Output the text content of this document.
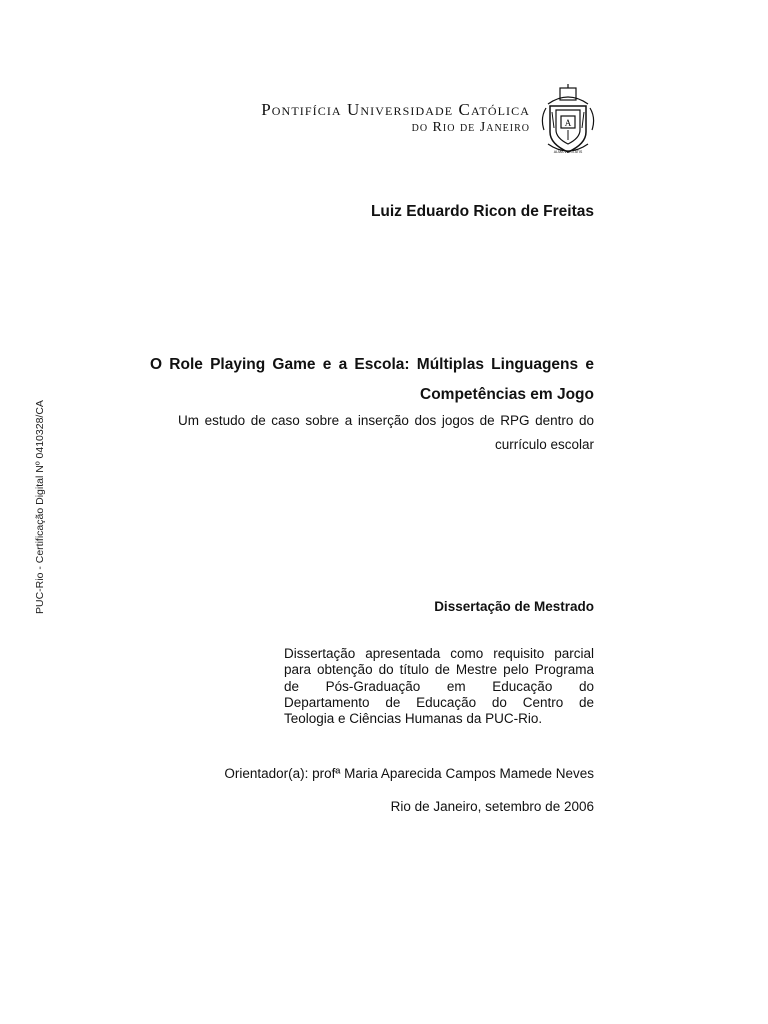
PUC-Rio - Certificação Digital Nº 0410328/CA
Pontifícia Universidade Católica
do Rio de Janeiro	A
ALMA VERITATIS
Luiz Eduardo Ricon de Freitas
O Role Playing Game e a Escola: Múltiplas Linguagens e
Competências em Jogo
Um estudo de caso sobre a inserção dos jogos de RPG dentro do
currículo escolar
Dissertação de Mestrado
Dissertação apresentada como requisito parcial
para obtenção do título de Mestre pelo Programa
de Pós-Graduação em Educação do
Departamento de Educação do Centro de
Teologia e Ciências Humanas da PUC-Rio.
Orientador(a): profª Maria Aparecida Campos Mamede Neves
Rio de Janeiro, setembro de 2006
